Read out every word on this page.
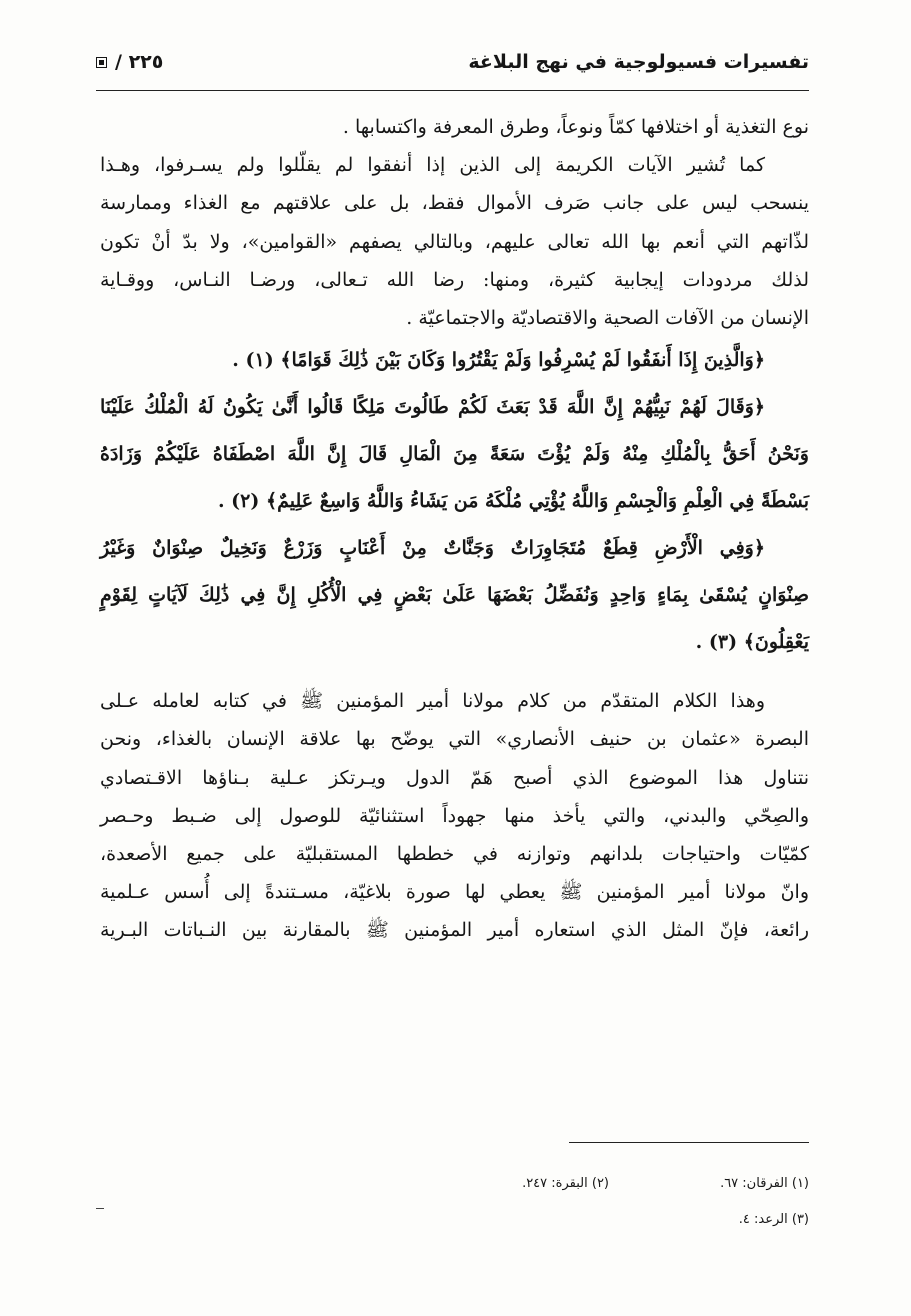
تفسيرات فسيولوجية في نهج البلاغة
٢٢٥ /

نوع التغذية أو اختلافها كمّاً ونوعاً، وطرق المعرفة واكتسابها .

كما تُشير الآيات الكريمة إلى الذين إذا أنفقوا لم يقلّلوا ولم يسـرفوا، وهـذا

ينسحب ليس على جانب صَرف الأموال فقط، بل على علاقتهم مع الغذاء وممارسة

لذّاتهم التي أنعم بها الله تعالى عليهم، وبالتالي يصفهم «القوامين»، ولا بدّ أنْ تكون

لذلك مردودات إيجابية كثيرة، ومنها: رضا الله تـعالى، ورضـا النـاس، ووقـاية

الإنسان من الآفات الصحية والاقتصاديّة والاجتماعيّة .

﴿وَالَّذِينَ إِذَا أَنفَقُوا لَمْ يُسْرِفُوا وَلَمْ يَقْتُرُوا وَكَانَ بَيْنَ ذَٰلِكَ قَوَامًا﴾ (١) .

﴿وَقَالَ لَهُمْ نَبِيُّهُمْ إِنَّ اللَّهَ قَدْ بَعَثَ لَكُمْ طَالُوتَ مَلِكًا قَالُوا أَنَّىٰ يَكُونُ لَهُ الْمُلْكُ عَلَيْنَا

وَنَحْنُ أَحَقُّ بِالْمُلْكِ مِنْهُ وَلَمْ يُؤْتَ سَعَةً مِنَ الْمَالِ قَالَ إِنَّ اللَّهَ اصْطَفَاهُ عَلَيْكُمْ وَزَادَهُ

بَسْطَةً فِي الْعِلْمِ وَالْجِسْمِ وَاللَّهُ يُؤْتِي مُلْكَهُ مَن يَشَاءُ وَاللَّهُ وَاسِعٌ عَلِيمٌ﴾ (٢) .

﴿وَفِي الْأَرْضِ قِطَعٌ مُتَجَاوِرَاتٌ وَجَنَّاتٌ مِنْ أَعْنَابٍ وَزَرْعٌ وَنَخِيلٌ صِنْوَانٌ وَغَيْرُ

صِنْوَانٍ يُسْقَىٰ بِمَاءٍ وَاحِدٍ وَنُفَضِّلُ بَعْضَهَا عَلَىٰ بَعْضٍ فِي الْأُكُلِ إِنَّ فِي ذَٰلِكَ لَآيَاتٍ لِقَوْمٍ

يَعْقِلُونَ﴾ (٣) .

وهذا الكلام المتقدّم من كلام مولانا أمير المؤمنين ﷺ في كتابه لعامله عـلى

البصرة «عثمان بن حنيف الأنصاري» التي يوضّح بها علاقة الإنسان بالغذاء، ونحن

نتناول هذا الموضوع الذي أصبح هَمّ الدول ويـرتكز عـلية بـناؤها الاقـتصادي

والصِحّي والبدني، والتي يأخذ منها جهوداً استثنائيّة للوصول إلى ضـبط وحـصر

كمّيّات واحتياجات بلدانهم وتوازنه في خططها المستقبليّة على جميع الأصعدة،

وانّ مولانا أمير المؤمنين ﷺ يعطي لها صورة بلاغيّة، مسـتندةً إلى أُسس عـلمية

رائعة، فإنّ المثل الذي استعاره أمير المؤمنين ﷺ بالمقارنة بين النـباتات البـرية

(١) الفرقان: ٦٧.
(٢) البقرة: ٢٤٧.
(٣) الرعد: ٤.
